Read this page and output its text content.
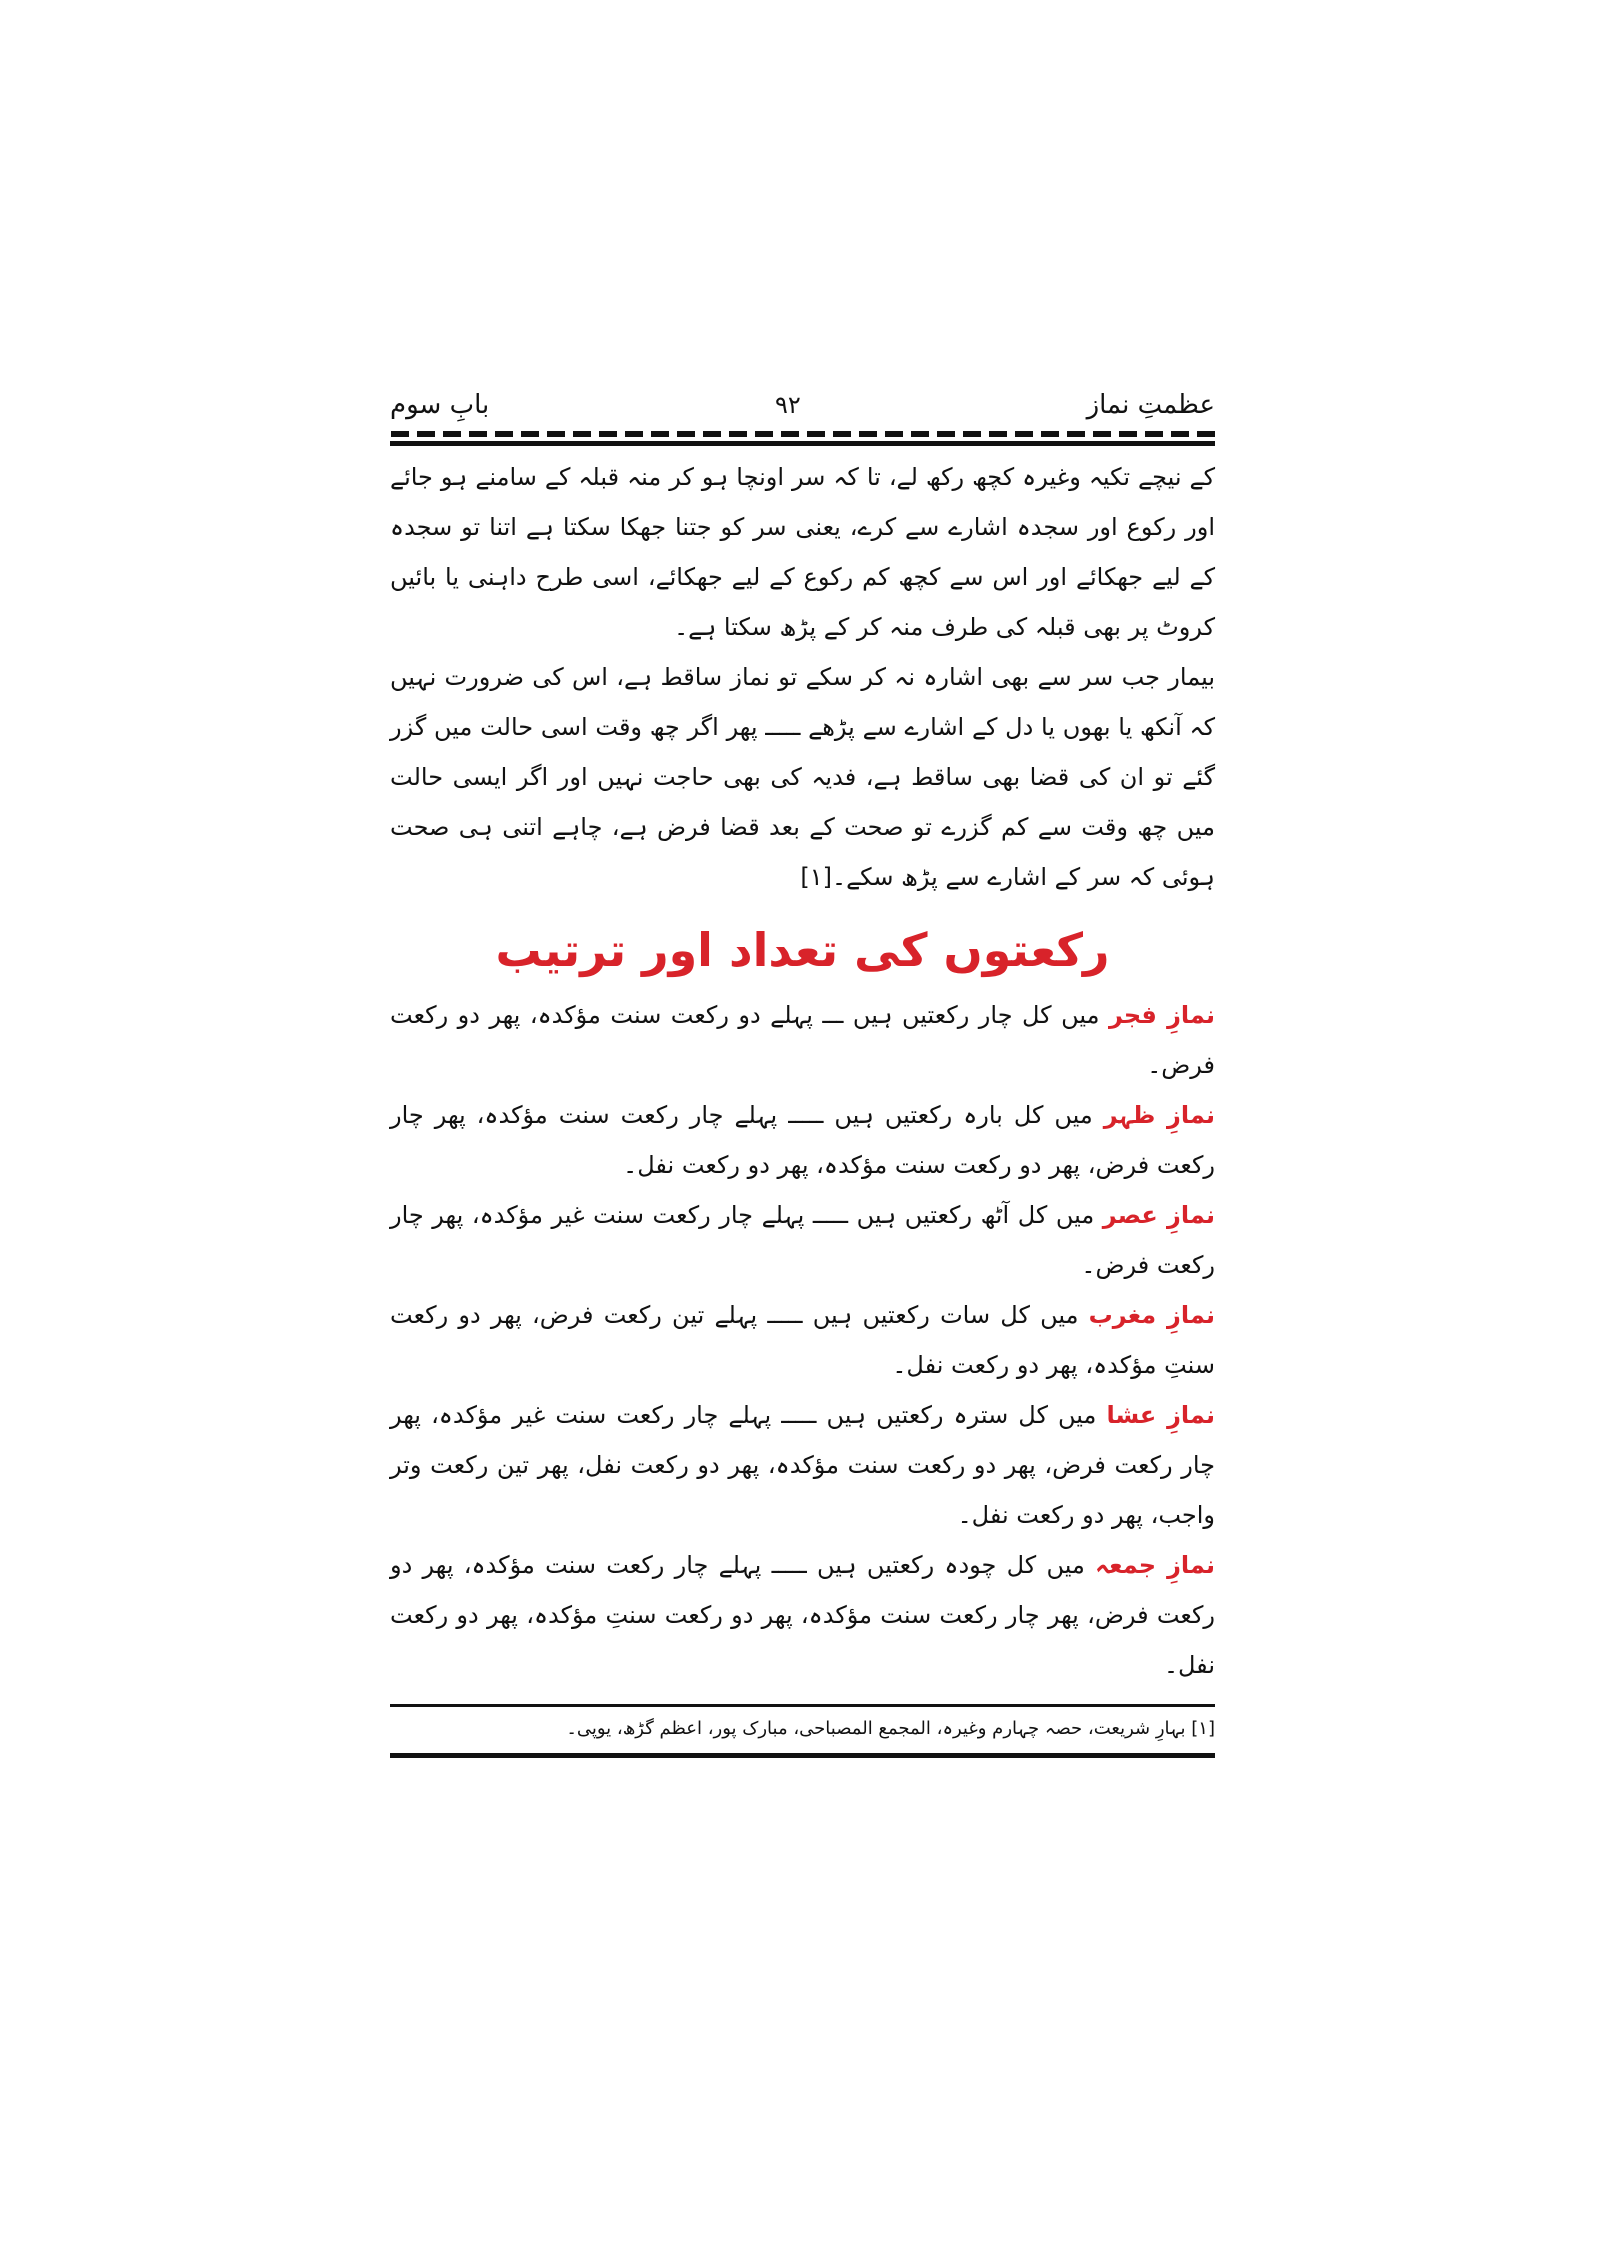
عظمتِ نماز
۹۲
بابِ سوم

کے نیچے تکیہ وغیرہ کچھ رکھ لے، تا کہ سر اونچا ہو کر منہ قبلہ کے سامنے ہو جائے اور رکوع اور سجدہ اشارے سے کرے، یعنی سر کو جتنا جھکا سکتا ہے اتنا تو سجدہ کے لیے جھکائے اور اس سے کچھ کم رکوع کے لیے جھکائے، اسی طرح داہنی یا بائیں کروٹ پر بھی قبلہ کی طرف منہ کر کے پڑھ سکتا ہے۔

بیمار جب سر سے بھی اشارہ نہ کر سکے تو نماز ساقط ہے، اس کی ضرورت نہیں کہ آنکھ یا بھوں یا دل کے اشارے سے پڑھے ـــــ پھر اگر چھ وقت اسی حالت میں گزر گئے تو ان کی قضا بھی ساقط ہے، فدیہ کی بھی حاجت نہیں اور اگر ایسی حالت میں چھ وقت سے کم گزرے تو صحت کے بعد قضا فرض ہے، چاہے اتنی ہی صحت ہوئی کہ سر کے اشارے سے پڑھ سکے۔[۱]

رکعتوں کی تعداد اور ترتیب

نمازِ فجر میں کل چار رکعتیں ہیں ـــ پہلے دو رکعت سنت مؤکدہ، پھر دو رکعت فرض۔

نمازِ ظہر میں کل بارہ رکعتیں ہیں ـــــ پہلے چار رکعت سنت مؤکدہ، پھر چار رکعت فرض، پھر دو رکعت سنت مؤکدہ، پھر دو رکعت نفل۔

نمازِ عصر میں کل آٹھ رکعتیں ہیں ـــــ پہلے چار رکعت سنت غیر مؤکدہ، پھر چار رکعت فرض۔

نمازِ مغرب میں کل سات رکعتیں ہیں ـــــ پہلے تین رکعت فرض، پھر دو رکعت سنتِ مؤکدہ، پھر دو رکعت نفل۔

نمازِ عشا میں کل سترہ رکعتیں ہیں ـــــ پہلے چار رکعت سنت غیر مؤکدہ، پھر چار رکعت فرض، پھر دو رکعت سنت مؤکدہ، پھر دو رکعت نفل، پھر تین رکعت وتر واجب، پھر دو رکعت نفل۔

نمازِ جمعہ میں کل چودہ رکعتیں ہیں ـــــ پہلے چار رکعت سنت مؤکدہ، پھر دو رکعت فرض، پھر چار رکعت سنت مؤکدہ، پھر دو رکعت سنتِ مؤکدہ، پھر دو رکعت نفل۔

[۱] بہارِ شریعت، حصہ چہارم وغیرہ، المجمع المصباحی، مبارک پور، اعظم گڑھ، یوپی۔
